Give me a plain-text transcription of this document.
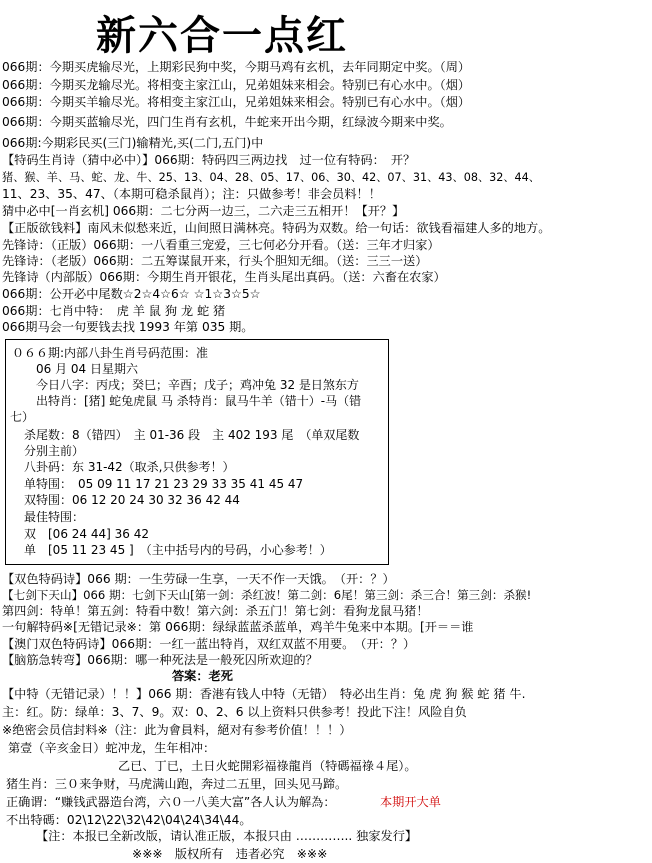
新六合一点红
066期：今期买虎输尽光，上期彩民狗中奖，今期马鸡有玄机，去年同期定中奖。（周）
066期：今期买龙输尽光。将相变主家江山，兄弟姐妹来相会。特别已有心水中。（烟）
066期：今期买羊输尽光。将相变主家江山，兄弟姐妹来相会。特别已有心水中。（烟）
066期：今期买蓝输尽光，四门生肖有玄机，牛蛇来开出今期，红绿波今期来中奖。
066期:今期彩民买(三门)输精光,买(二门,五门)中
【特码生肖诗（猜中必中）】066期：特码四三两边找　过一位有特码：　开？
猪、猴、羊、马、蛇、龙、牛、25、13、04、28、05、17、06、30、42、07、31、43、08、32、44、
11、23、35、47、（本期可稳杀鼠肖）；注：只做参考！非会员料！！
猜中必中[一肖玄机] 066期：二七分两一边三，二六走三五相开！【开？】
【正版欲钱料】南风未似愁来近，山间照日满林亮。特码为双数。给一句话：欲钱看福建人多的地方。
先锋诗：（正版）066期：一八看重三宠爱，三七何必分开看。（送：三年才归家）
先锋诗：（老版）066期：二五筹谋鼠开来，行头个胆知无细。（送：三三一送）
先锋诗（内部版）066期：今期生肖开银花，生肖头尾出真码。（送：六畜在农家）
066期：公开必中尾数☆2☆4☆6☆ ☆1☆3☆5☆
066期：七肖中特：　虎 羊 鼠 狗 龙 蛇 猪
066期马会一句要钱去找 1993 年第 035 期。
０６６期:内部八卦生肖号码范围：准
06 月 04 日星期六
今日八字：丙戌；癸巳；辛酉；戊子；鸡冲兔 32 是日煞东方
出特肖：[猪] 蛇兔虎鼠 马 杀特肖：鼠马牛羊（错十）-马（错
七）
杀尾数：8（错四）　主 01-36 段　主 402 193 尾　（单双尾数
分别主前）
八卦码：东 31-42（取杀,只供参考！）
单特围：　05 09 11 17 21 23 29 33 35 41 45 47
双特围：06 12 20 24 30 32 36 42 44
最佳特围：
双　[06 24 44] 36 42
单　[05 11 23 45 ]　（主中括号内的号码，小心参考！）
【双色特码诗】066 期：一生劳碌一生享，一天不作一天饿。　（开：？）
【七剑下天山】066 期：七剑下天山[第一剑：杀红波！第二剑：6尾！第三剑：杀三合！第三剑：杀猴!
第四剑：特单！第五剑：特看中数！第六剑：杀五门！第七剑：看狗龙鼠马猪！
一句解特码※[无错记录※：第 066期：绿绿蓝蓝杀蓝单，鸡羊牛兔来中本期。[开＝＝谁
【澳门双色特码诗】066期：一红一蓝出特肖，双红双蓝不用要。　（开：？）
【脑筋急转弯】066期：哪一种死法是一般死囚所欢迎的？
答案：老死
【中特（无错记录）！！】066 期：香港有钱人中特（无错）　特必出生肖：兔 虎 狗 猴 蛇 猪 牛.
主：红。防：绿单：3、7、9。双：0、2、6 以上资料只供参考！投此下注！风险自负
※绝密会员信封料※（注：此为會員料，絕对有参考价值！！！）
第壹（辛亥金日）蛇冲龙，生年相冲：
乙已、丁已，土日火蛇開彩福祿龍肖（特碼福祿４尾）。
猪生肖：三０来争财，马虎满山跑，奔过二五里，回头见马蹄。
正确谓：“赚钱武器造台湾，六０一八美大富”各人认为解為：	本期开大单
不出特碼：02\12\22\32\42\04\24\34\44。
【注：本报已全新改版，请认准正版，本报只由 ………….. 独家发行】
※※※　版权所有　违者必究　※※※
